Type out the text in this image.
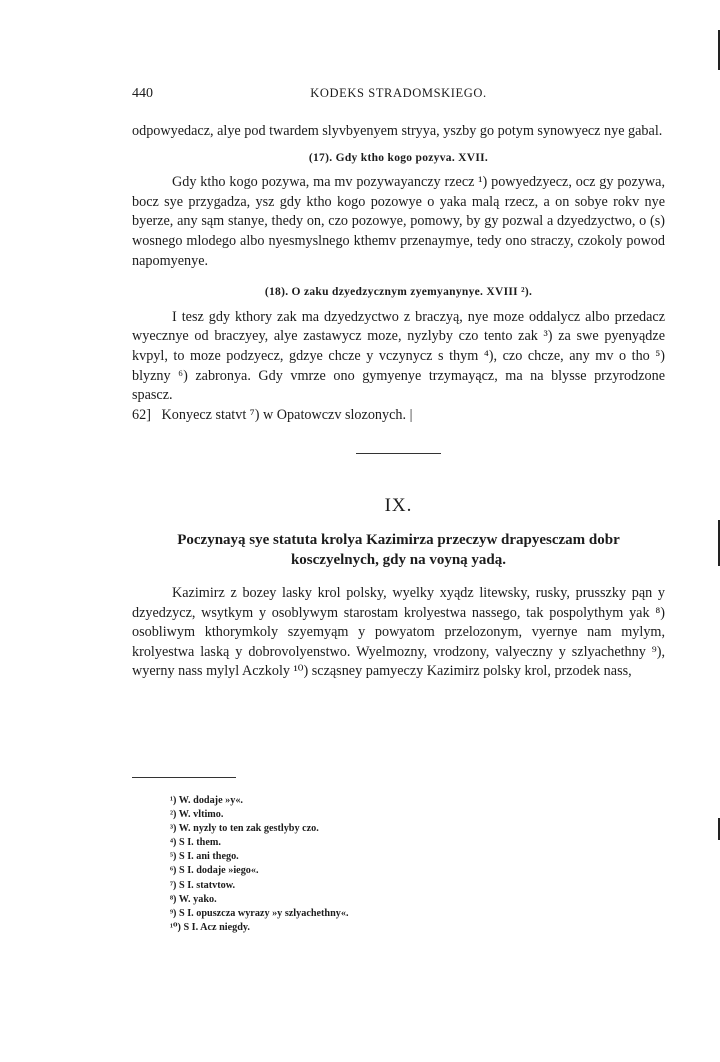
440	KODEKS STRADOMSKIEGO.

odpowyedacz, alye pod twardem slyvbyenyem stryya, yszby go potym synowyecz nye gabal.

(17). Gdy ktho kogo pozyva. XVII.

Gdy ktho kogo pozywa, ma mv pozywayanczy rzecz ¹) powyedzyecz, ocz gy pozywa, bocz sye przygadza, ysz gdy ktho kogo pozowye o yaka malą rzecz, a on sobye rokv nye byerze, any sąm stanye, thedy on, czo pozowye, pomowy, by gy pozwal a dzyedzyctwo, o (s) wosnego mlodego albo nyesmyslnego kthemv przenaymye, tedy ono straczy, czokoly powod napomyenye.

(18). O zaku dzyedzycznym zyemyanynye. XVIII ²).

I tesz gdy kthory zak ma dzyedzyctwo z braczyą, nye moze oddalycz albo przedacz wyecznye od braczyey, alye zastawycz moze, nyzlyby czo tento zak ³) za swe pyenyądze kvpyl, to moze podzyecz, gdzye chcze y vczynycz s thym ⁴), czo chcze, any mv o tho ⁵) blyzny ⁶) zabronya. Gdy vmrze ono gymyenye trzymayącz, ma na blysse przyrodzone spascz.

62]   Konyecz statvt ⁷) w Opatowczv slozonych. |

IX.

Poczynayą sye statuta krolya Kazimirza przeczyw drapyesczam dobr kosczyelnych, gdy na voyną yadą.

Kazimirz z bozey lasky krol polsky, wyelky xyądz litewsky, rusky, prusszky pąn y dzyedzycz, wsytkym y osoblywym starostam krolyestwa nassego, tak pospolythym yak ⁸) osobliwym kthorymkoly szyemyąm y powyatom przelozonym, vyernye nam mylym, krolyestwa laską y dobrovolyenstwo. Wyelmozny, vrodzony, valyeczny y szlyachethny ⁹), wyerny nass mylyl Aczkoly ¹⁰) scząsney pamyeczy Kazimirz polsky krol, przodek nass,

¹) W. dodaje »y«.
²) W. vltimo.
³) W. nyzly to ten zak gestlyby czo.
⁴) S I. them.
⁵) S I. ani thego.
⁶) S I. dodaje »iego«.
⁷) S I. statvtow.
⁸) W. yako.
⁹) S I. opuszcza wyrazy »y szlyachethny«.
¹⁰) S I. Acz niegdy.
